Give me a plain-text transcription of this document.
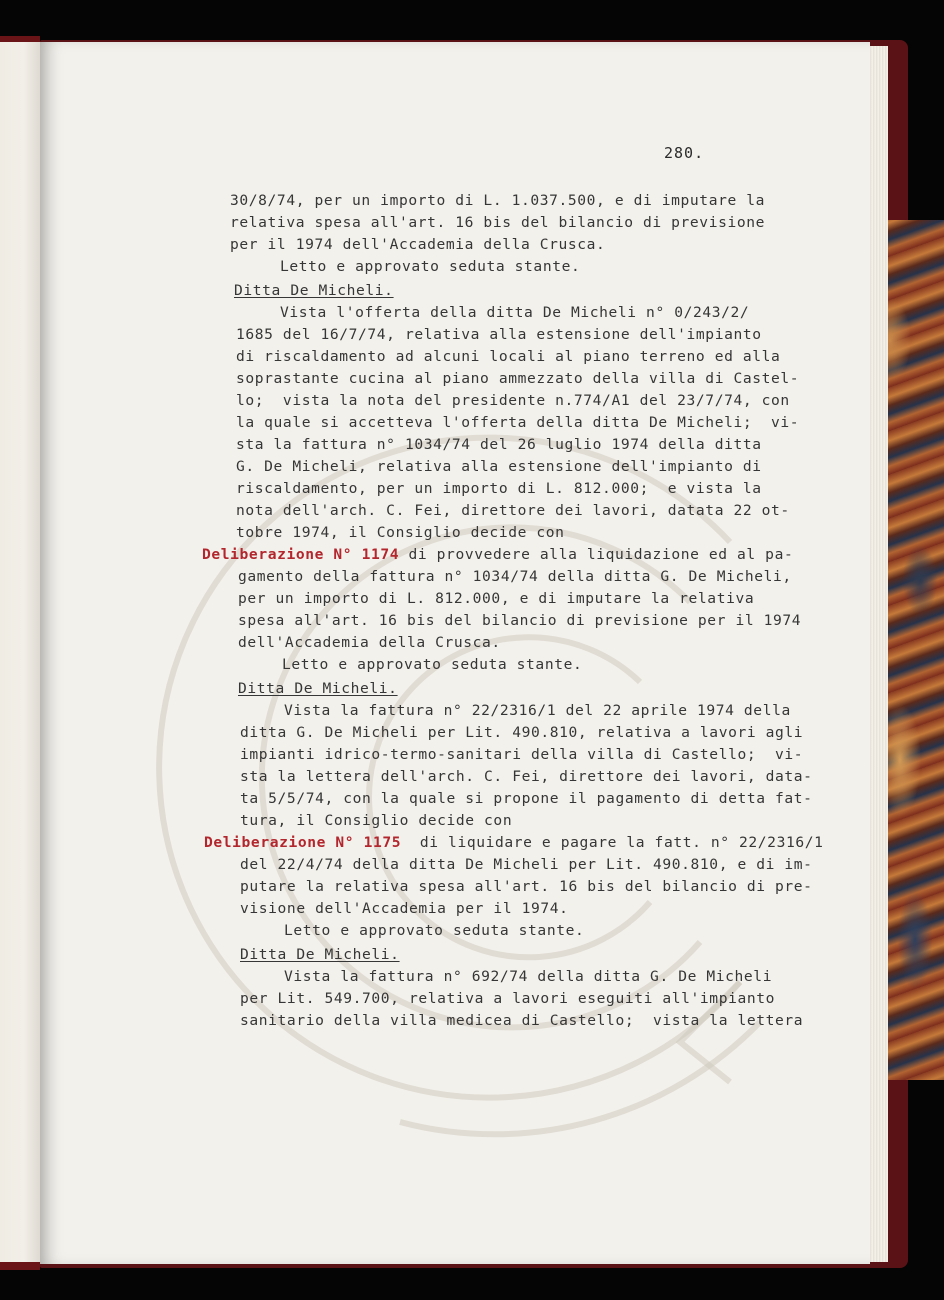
280.
30/8/74, per un importo di L. 1.037.500, e di imputare la
relativa spesa all'art. 16 bis del bilancio di previsione
per il 1974 dell'Accademia della Crusca.
Letto e approvato seduta stante.
Ditta De Micheli.
Vista l'offerta della ditta De Micheli n° 0/243/2/
1685 del 16/7/74, relativa alla estensione dell'impianto
di riscaldamento ad alcuni locali al piano terreno ed alla
soprastante cucina al piano ammezzato della villa di Castel-
lo;  vista la nota del presidente n.774/A1 del 23/7/74, con
la quale si accetteva l'offerta della ditta De Micheli;  vi-
sta la fattura n° 1034/74 del 26 luglio 1974 della ditta
G. De Micheli, relativa alla estensione dell'impianto di
riscaldamento, per un importo di L. 812.000;  e vista la
nota dell'arch. C. Fei, direttore dei lavori, datata 22 ot-
tobre 1974, il Consiglio decide con
Deliberazione N° 1174 di provvedere alla liquidazione ed al pa-
gamento della fattura n° 1034/74 della ditta G. De Micheli,
per un importo di L. 812.000, e di imputare la relativa
spesa all'art. 16 bis del bilancio di previsione per il 1974
dell'Accademia della Crusca.
Letto e approvato seduta stante.
Ditta De Micheli.
Vista la fattura n° 22/2316/1 del 22 aprile 1974 della
ditta G. De Micheli per Lit. 490.810, relativa a lavori agli
impianti idrico-termo-sanitari della villa di Castello;  vi-
sta la lettera dell'arch. C. Fei, direttore dei lavori, data-
ta 5/5/74, con la quale si propone il pagamento di detta fat-
tura, il Consiglio decide con
Deliberazione N° 1175  di liquidare e pagare la fatt. n° 22/2316/1
del 22/4/74 della ditta De Micheli per Lit. 490.810, e di im-
putare la relativa spesa all'art. 16 bis del bilancio di pre-
visione dell'Accademia per il 1974.
Letto e approvato seduta stante.
Ditta De Micheli.
Vista la fattura n° 692/74 della ditta G. De Micheli
per Lit. 549.700, relativa a lavori eseguiti all'impianto
sanitario della villa medicea di Castello;  vista la lettera
